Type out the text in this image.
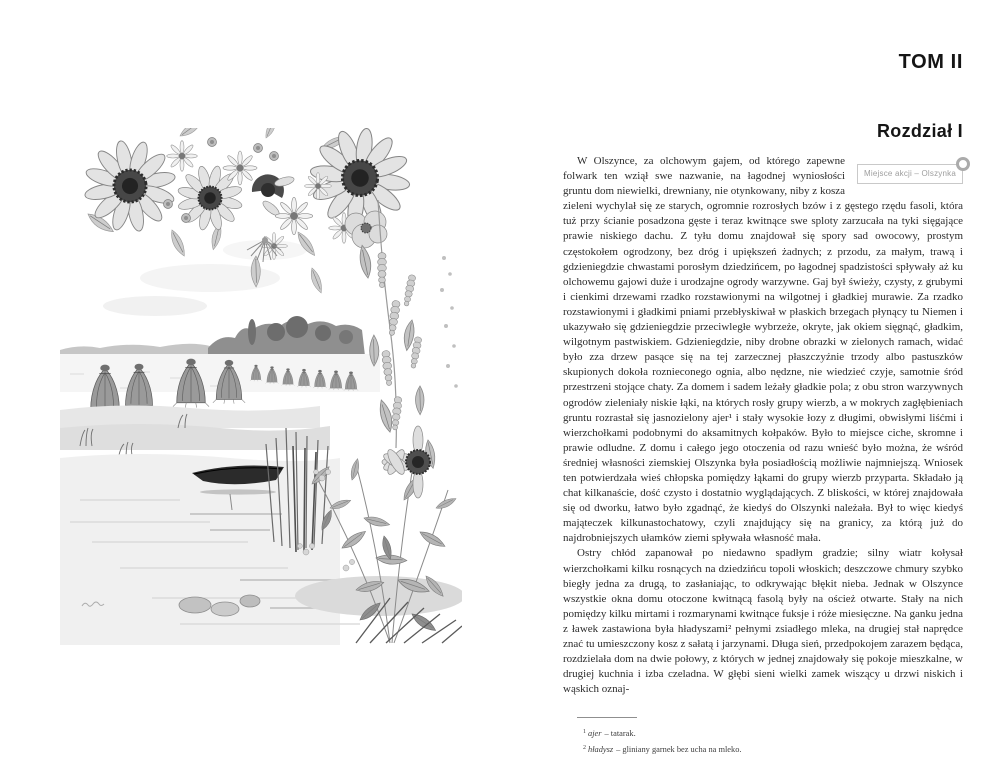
TOM II
Rozdział I
Miejsce akcji – Olszynka

W Olszynce, za olchowym gajem, od którego zapewne folwark ten wziął swe nazwanie, na łagodnej wyniosłości gruntu dom niewielki, drewniany, nie otynkowany, niby z kosza zieleni wychylał się ze starych, ogromnie rozrosłych bzów i z gęstego rzędu fasoli, która tuż przy ścianie posadzona gęste i teraz kwitnące swe sploty zarzucała na tyki sięgające prawie niskiego dachu. Z tyłu domu znajdował się spory sad owocowy, prostym częstokołem ogrodzony, bez dróg i upiększeń żadnych; z przodu, za małym, trawą i gdzieniegdzie chwastami porosłym dziedzińcem, po łagodnej spadzistości spływały aż ku olchowemu gajowi duże i urodzajne ogrody warzywne. Gaj był świeży, czysty, z grubymi i cienkimi drzewami rzadko rozstawionymi na wilgotnej i gładkiej murawie. Za rzadko rozstawionymi i gładkimi pniami przebłyskiwał w płaskich brzegach płynący tu Niemen i ukazywało się gdzieniegdzie przeciwległe wybrzeże, okryte, jak okiem sięgnąć, gładkim, wilgotnym pastwiskiem. Gdzieniegdzie, niby drobne obrazki w zielonych ramach, widać było zza drzew pasące się na tej zarzecznej płaszczyźnie trzody albo pastuszków skupionych dokoła roznieconego ognia, albo nędzne, nie wiedzieć czyje, samotnie śród przestrzeni stojące chaty. Za domem i sadem leżały gładkie pola; z obu stron warzywnych ogrodów zieleniały niskie łąki, na których rosły grupy wierzb, a w mokrych zagłębieniach gruntu rozrastał się jasnozielony ajer¹ i stały wysokie łozy z długimi, obwisłymi liśćmi i wierzchołkami podobnymi do aksamitnych kołpaków. Było to miejsce ciche, skromne i prawie odludne. Z domu i całego jego otoczenia od razu wnieść było można, że wśród średniej własności ziemskiej Olszynka była posiadłością możliwie najmniejszą. Wniosek ten potwierdzała wieś chłopska pomiędzy łąkami do grupy wierzb przyparta. Składało ją chat kilkanaście, dość czysto i dostatnio wyglądających. Z bliskości, w której znajdowała się od dworku, łatwo było zgadnąć, że kiedyś do Olszynki należała. Był to więc kiedyś mająteczek kilkunastochatowy, czyli znajdujący się na granicy, za którą już do najdrobniejszych ułamków ziemi spływała własność mała.

Ostry chłód zapanował po niedawno spadłym gradzie; silny wiatr kołysał wierzchołkami kilku rosnących na dziedzińcu topoli włoskich; deszczowe chmury szybko biegły jedna za drugą, to zasłaniając, to odkrywając błękit nieba. Jednak w Olszynce wszystkie okna domu otoczone kwitnącą fasolą były na oścież otwarte. Stały na nich pomiędzy kilku mirtami i rozmarynami kwitnące fuksje i róże miesięczne. Na ganku jedna z ławek zastawiona była hładyszami² pełnymi zsiadłego mleka, na drugiej stał naprędce znać tu umieszczony kosz z sałatą i jarzynami. Długa sień, przedpokojem zarazem będąca, rozdzielała dom na dwie połowy, z których w jednej znajdowały się pokoje mieszkalne, w drugiej kuchnia i izba czeladna. W głębi sieni wielki zamek wiszący u drzwi niskich i wąskich oznaj-

$^1$ ajer – tatarak.
$^2$ hładysz – gliniany garnek bez ucha na mleko.
